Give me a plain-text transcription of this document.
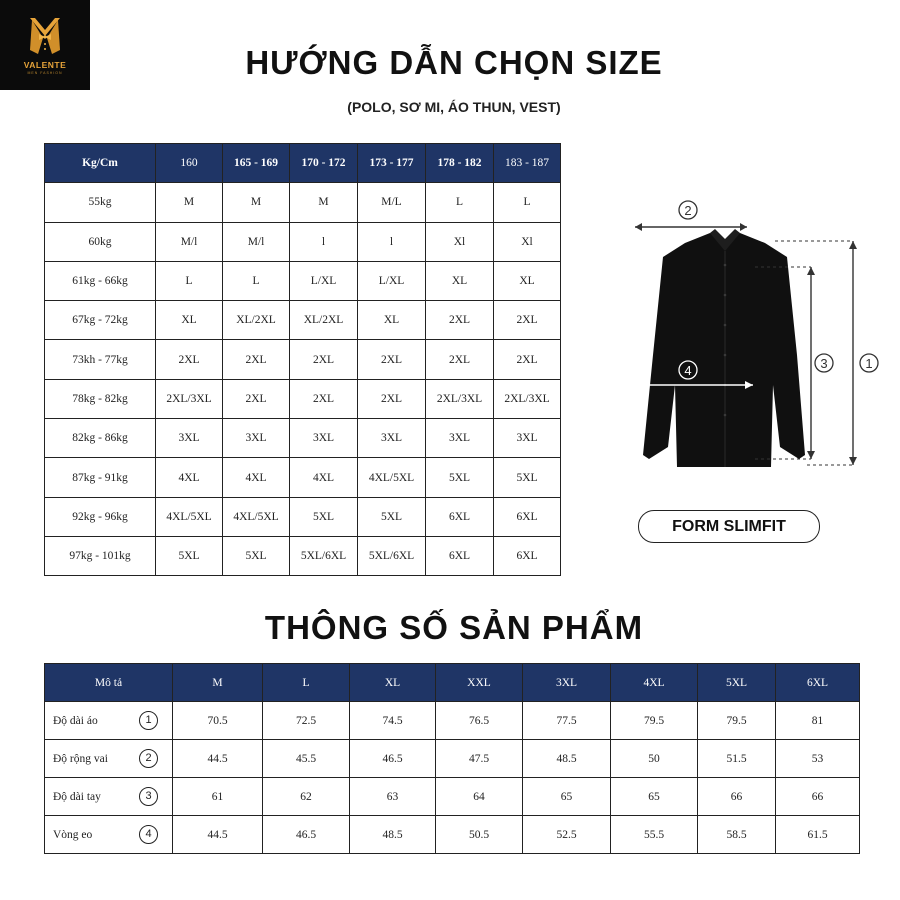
VALENTE
MEN FASHION	HƯỚNG DẪN CHỌN SIZE
(POLO, SƠ MI, ÁO THUN, VEST)
Kg/Cm	160	165 - 169	170 - 172	173 - 177	178 - 182	183 - 187
55kg	M	M	M	M/L	L	L
60kg	M/l	M/l	l	l	Xl	Xl
61kg - 66kg	L	L	L/XL	L/XL	XL	XL
67kg - 72kg	XL	XL/2XL	XL/2XL	XL	2XL	2XL
73kh - 77kg	2XL	2XL	2XL	2XL	2XL	2XL
78kg - 82kg	2XL/3XL	2XL	2XL	2XL	2XL/3XL	2XL/3XL
82kg - 86kg	3XL	3XL	3XL	3XL	3XL	3XL
87kg - 91kg	4XL	4XL	4XL	4XL/5XL	5XL	5XL
92kg - 96kg	4XL/5XL	4XL/5XL	5XL	5XL	6XL	6XL
97kg - 101kg	5XL	5XL	5XL/6XL	5XL/6XL	6XL	6XL
2
4	3	1
FORM SLIMFIT
THÔNG SỐ SẢN PHẨM
Mô tả	M	L	XL	XXL	3XL	4XL	5XL	6XL
Độ dài áo 1	70.5	72.5	74.5	76.5	77.5	79.5	79.5	81
Độ rộng vai 2	44.5	45.5	46.5	47.5	48.5	50	51.5	53
Độ dài tay 3	61	62	63	64	65	65	66	66
Vòng eo 4	44.5	46.5	48.5	50.5	52.5	55.5	58.5	61.5
